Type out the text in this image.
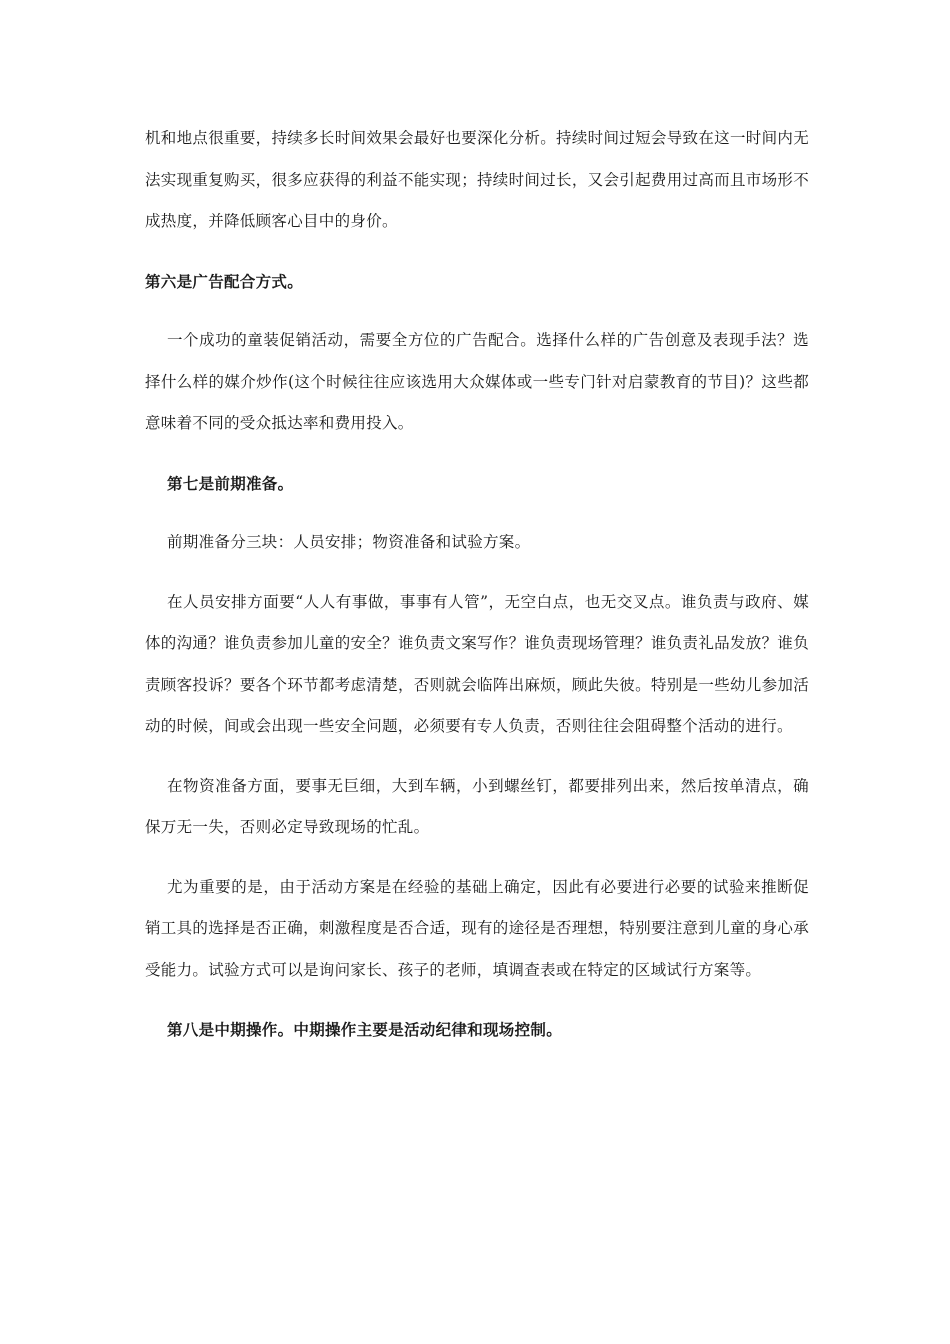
机和地点很重要，持续多长时间效果会最好也要深化分析。持续时间过短会导致在这一时间内无法实现重复购买，很多应获得的利益不能实现；持续时间过长，又会引起费用过高而且市场形不成热度，并降低顾客心目中的身价。

第六是广告配合方式。

一个成功的童装促销活动，需要全方位的广告配合。选择什么样的广告创意及表现手法？选择什么样的媒介炒作(这个时候往往应该选用大众媒体或一些专门针对启蒙教育的节目)？这些都意味着不同的受众抵达率和费用投入。

第七是前期准备。

前期准备分三块：人员安排；物资准备和试验方案。

在人员安排方面要“人人有事做，事事有人管”，无空白点，也无交叉点。谁负责与政府、媒体的沟通？谁负责参加儿童的安全？谁负责文案写作？谁负责现场管理？谁负责礼品发放？谁负责顾客投诉？要各个环节都考虑清楚，否则就会临阵出麻烦，顾此失彼。特别是一些幼儿参加活动的时候，间或会出现一些安全问题，必须要有专人负责，否则往往会阻碍整个活动的进行。

在物资准备方面，要事无巨细，大到车辆，小到螺丝钉，都要排列出来，然后按单清点，确保万无一失，否则必定导致现场的忙乱。

尤为重要的是，由于活动方案是在经验的基础上确定，因此有必要进行必要的试验来推断促销工具的选择是否正确，刺激程度是否合适，现有的途径是否理想，特别要注意到儿童的身心承受能力。试验方式可以是询问家长、孩子的老师，填调查表或在特定的区域试行方案等。

第八是中期操作。中期操作主要是活动纪律和现场控制。
